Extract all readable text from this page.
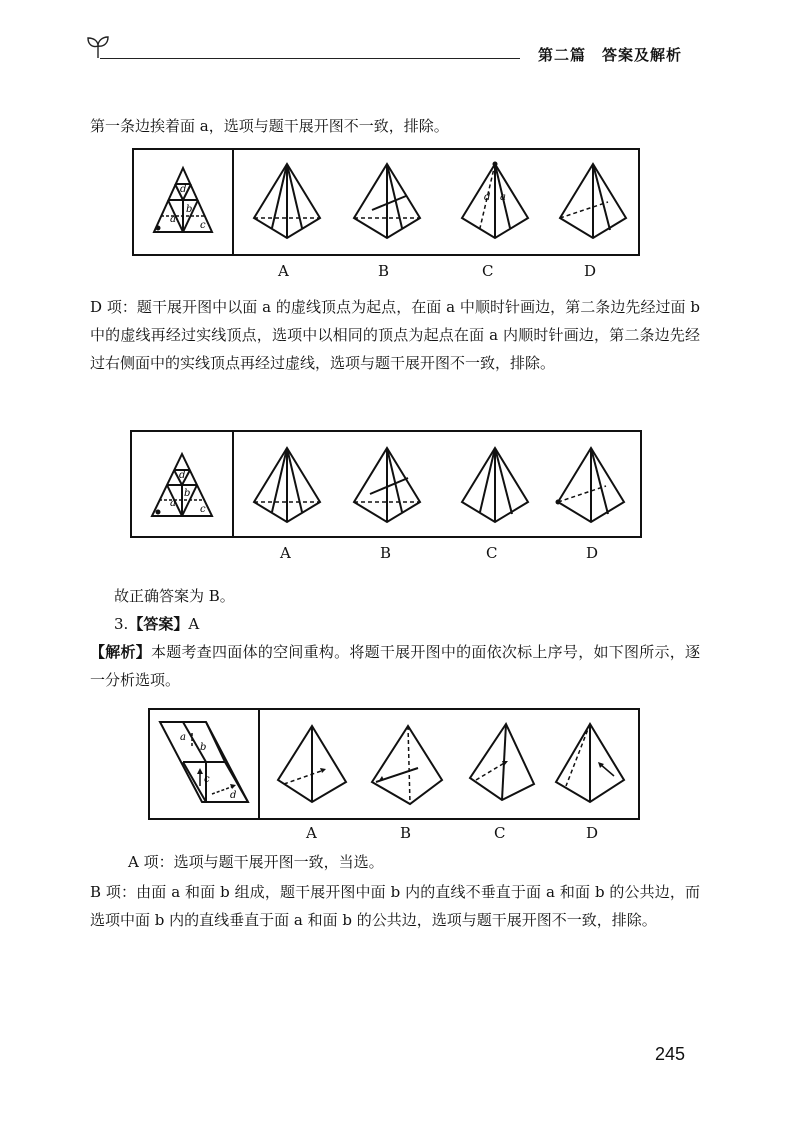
第二篇　答案及解析
第一条边挨着面 a，选项与题干展开图不一致，排除。
a
b
c
d
d a
A	B	C	D
D 项：题干展开图中以面 a 的虚线顶点为起点，在面 a 中顺时针画边，第二条边先经过面 b 中的虚线再经过实线顶点，选项中以相同的顶点为起点在面 a 内顺时针画边，第二条边先经过右侧面中的实线顶点再经过虚线，选项与题干展开图不一致，排除。
a
b
c
d
A	B	C	D
故正确答案为 B。
3.【答案】A
【解析】本题考查四面体的空间重构。将题干展开图中的面依次标上序号，如下图所示，逐一分析选项。
a
b
c
d
A	B	C	D
A 项：选项与题干展开图一致，当选。
B 项：由面 a 和面 b 组成，题干展开图中面 b 内的直线不垂直于面 a 和面 b 的公共边，而选项中面 b 内的直线垂直于面 a 和面 b 的公共边，选项与题干展开图不一致，排除。
245
